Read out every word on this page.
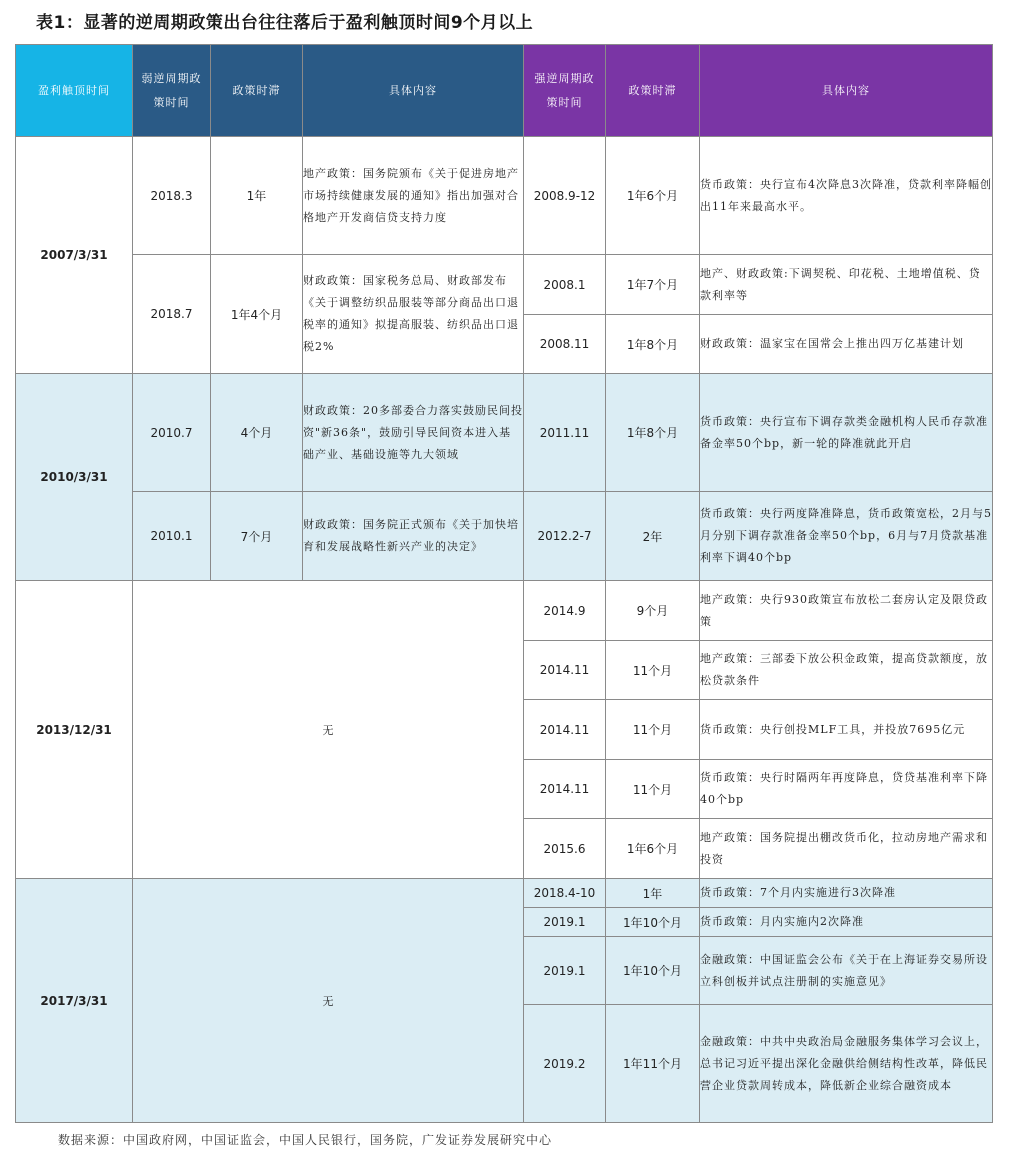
表1：显著的逆周期政策出台往往落后于盈利触顶时间9个月以上
盈利触顶时间	弱逆周期政策时间	政策时滞	具体内容	强逆周期政策时间	政策时滞	具体内容
2007/3/31	2018.3	1年	地产政策：国务院颁布《关于促进房地产市场持续健康发展的通知》指出加强对合格地产开发商信贷支持力度	2008.9-12	1年6个月	货币政策：央行宣布4次降息3次降准，贷款利率降幅创出11年来最高水平。
	2018.7	1年4个月	财政政策：国家税务总局、财政部发布《关于调整纺织品服装等部分商品出口退税率的通知》拟提高服装、纺织品出口退税2%	2008.1	1年7个月	地产、财政政策:下调契税、印花税、土地增值税、贷款利率等
				2008.11	1年8个月	财政政策：温家宝在国常会上推出四万亿基建计划
2010/3/31	2010.7	4个月	财政政策：20多部委合力落实鼓励民间投资"新36条"，鼓励引导民间资本进入基础产业、基础设施等九大领域	2011.11	1年8个月	货币政策：央行宣布下调存款类金融机构人民币存款准备金率50个bp，新一轮的降准就此开启
	2010.1	7个月	财政政策：国务院正式颁布《关于加快培育和发展战略性新兴产业的决定》	2012.2-7	2年	货币政策：央行两度降准降息，货币政策宽松，2月与5月分别下调存款准备金率50个bp，6月与7月贷款基准利率下调40个bp
2013/12/31	无			2014.9	9个月	地产政策：央行930政策宣布放松二套房认定及限贷政策
				2014.11	11个月	地产政策：三部委下放公积金政策，提高贷款额度，放松贷款条件
				2014.11	11个月	货币政策：央行创投MLF工具，并投放7695亿元
				2014.11	11个月	货币政策：央行时隔两年再度降息，贷贷基准利率下降40个bp
				2015.6	1年6个月	地产政策：国务院提出棚改货币化，拉动房地产需求和投资
2017/3/31	无			2018.4-10	1年	货币政策：7个月内实施进行3次降准
				2019.1	1年10个月	货币政策：月内实施内2次降准
				2019.1	1年10个月	金融政策：中国证监会公布《关于在上海证券交易所设立科创板并试点注册制的实施意见》
				2019.2	1年11个月	金融政策：中共中央政治局金融服务集体学习会议上，总书记习近平提出深化金融供给侧结构性改革，降低民营企业贷款周转成本，降低新企业综合融资成本
数据来源：中国政府网，中国证监会，中国人民银行，国务院，广发证券发展研究中心
